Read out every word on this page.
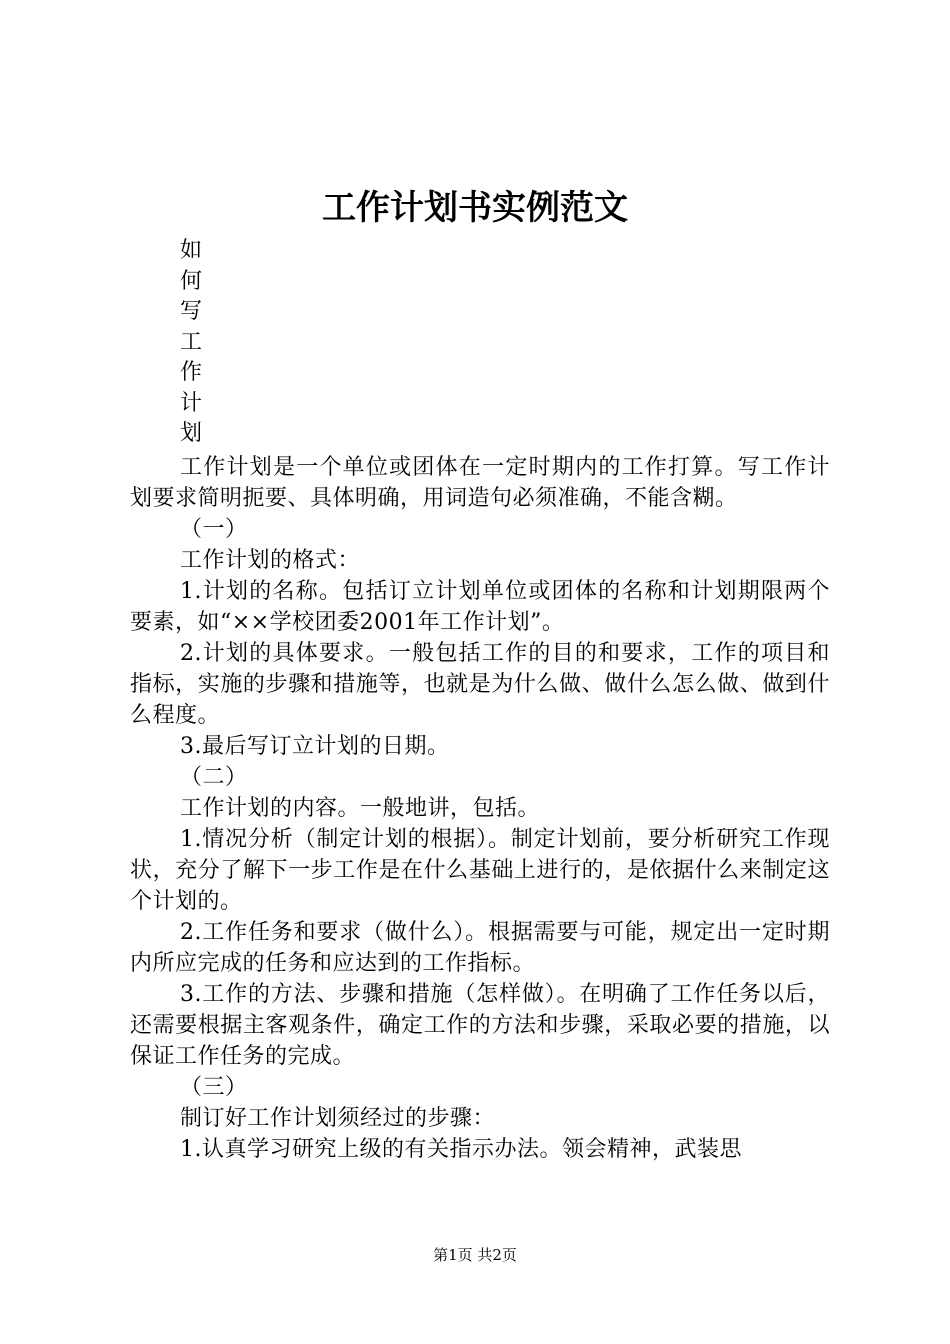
工作计划书实例范文
如
何
写
工
作
计
划

工作计划是一个单位或团体在一定时期内的工作打算。写工作计划要求简明扼要、具体明确，用词造句必须准确，不能含糊。

（一）

工作计划的格式：

1.计划的名称。包括订立计划单位或团体的名称和计划期限两个要素，如“××学校团委2001年工作计划”。

2.计划的具体要求。一般包括工作的目的和要求，工作的项目和指标，实施的步骤和措施等，也就是为什么做、做什么怎么做、做到什么程度。

3.最后写订立计划的日期。

（二）

工作计划的内容。一般地讲，包括。

1.情况分析（制定计划的根据）。制定计划前，要分析研究工作现状，充分了解下一步工作是在什么基础上进行的，是依据什么来制定这个计划的。

2.工作任务和要求（做什么）。根据需要与可能，规定出一定时期内所应完成的任务和应达到的工作指标。

3.工作的方法、步骤和措施（怎样做）。在明确了工作任务以后，还需要根据主客观条件，确定工作的方法和步骤，采取必要的措施，以保证工作任务的完成。

（三）

制订好工作计划须经过的步骤：

1.认真学习研究上级的有关指示办法。领会精神，武装思

第1页 共2页
